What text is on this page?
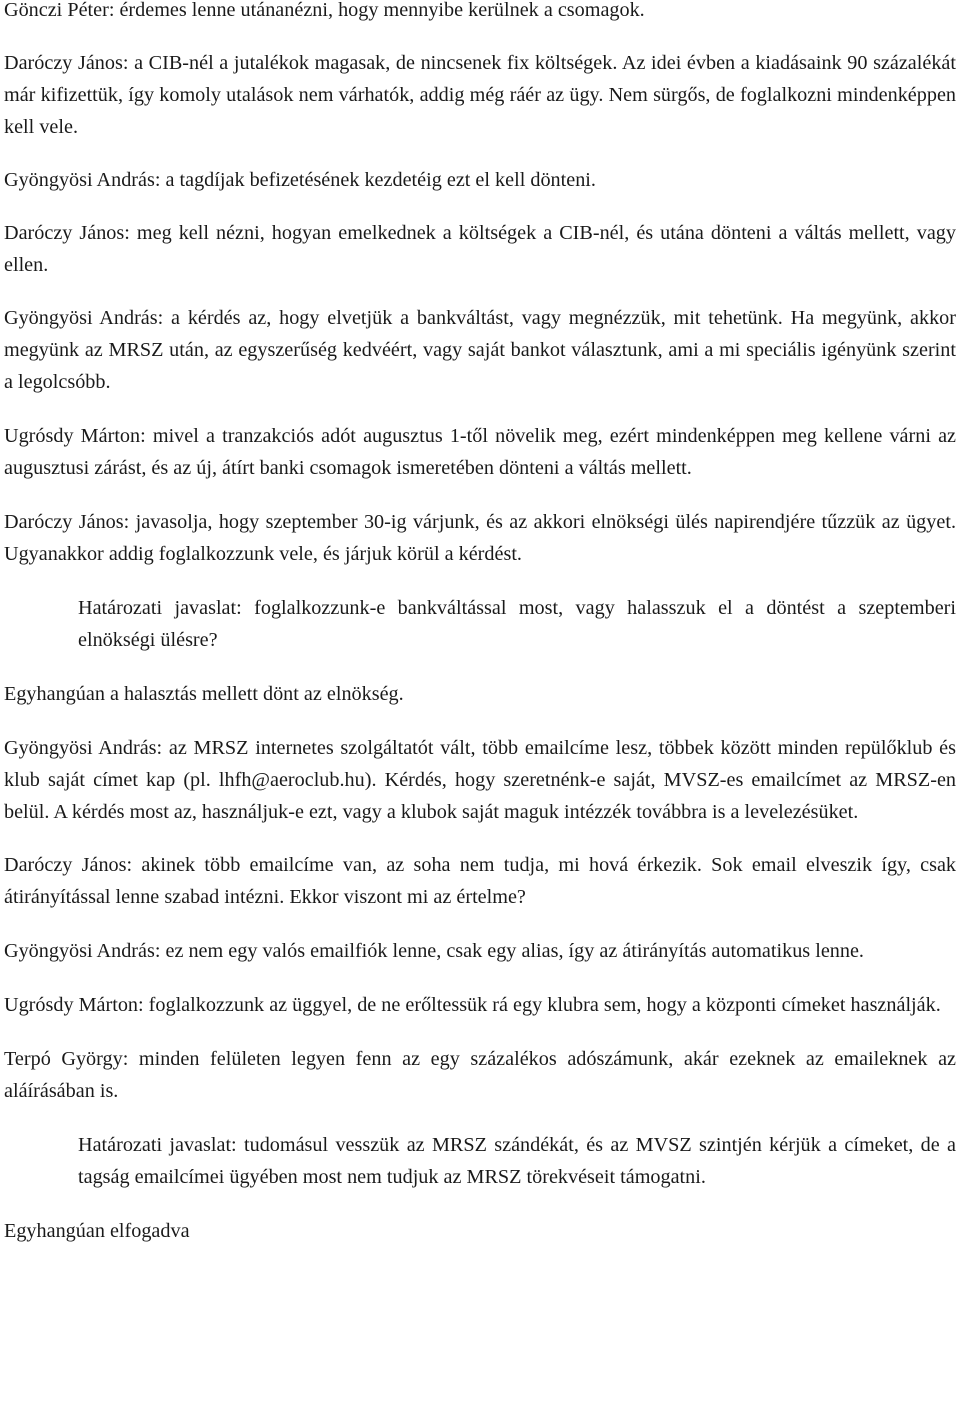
Gönczi Péter: érdemes lenne utánanézni, hogy mennyibe kerülnek a csomagok.

Daróczy János: a CIB-nél a jutalékok magasak, de nincsenek fix költségek. Az idei évben a kiadásaink 90 százalékát már kifizettük, így komoly utalások nem várhatók, addig még ráér az ügy. Nem sürgős, de foglalkozni mindenképpen kell vele.

Gyöngyösi András: a tagdíjak befizetésének kezdetéig ezt el kell dönteni.

Daróczy János: meg kell nézni, hogyan emelkednek a költségek a CIB-nél, és utána dönteni a váltás mellett, vagy ellen.

Gyöngyösi András: a kérdés az, hogy elvetjük a bankváltást, vagy megnézzük, mit tehetünk. Ha megyünk, akkor megyünk az MRSZ után, az egyszerűség kedvéért, vagy saját bankot választunk, ami a mi speciális igényünk szerint a legolcsóbb.

Ugrósdy Márton: mivel a tranzakciós adót augusztus 1-től növelik meg, ezért mindenképpen meg kellene várni az augusztusi zárást, és az új, átírt banki csomagok ismeretében dönteni a váltás mellett.

Daróczy János: javasolja, hogy szeptember 30-ig várjunk, és az akkori elnökségi ülés napirendjére tűzzük az ügyet. Ugyanakkor addig foglalkozzunk vele, és járjuk körül a kérdést.

Határozati javaslat: foglalkozzunk-e bankváltással most, vagy halasszuk el a döntést a szeptemberi elnökségi ülésre?

Egyhangúan a halasztás mellett dönt az elnökség.

Gyöngyösi András: az MRSZ internetes szolgáltatót vált, több emailcíme lesz, többek között minden repülőklub és klub saját címet kap (pl. lhfh@aeroclub.hu). Kérdés, hogy szeretnénk-e saját, MVSZ-es emailcímet az MRSZ-en belül. A kérdés most az, használjuk-e ezt, vagy a klubok saját maguk intézzék továbbra is a levelezésüket.

Daróczy János: akinek több emailcíme van, az soha nem tudja, mi hová érkezik. Sok email elveszik így, csak átirányítással lenne szabad intézni. Ekkor viszont mi az értelme?

Gyöngyösi András: ez nem egy valós emailfiók lenne, csak egy alias, így az átirányítás automatikus lenne.

Ugrósdy Márton: foglalkozzunk az üggyel, de ne erőltessük rá egy klubra sem, hogy a központi címeket használják.

Terpó György: minden felületen legyen fenn az egy százalékos adószámunk, akár ezeknek az emaileknek az aláírásában is.

Határozati javaslat: tudomásul vesszük az MRSZ szándékát, és az MVSZ szintjén kérjük a címeket, de a tagság emailcímei ügyében most nem tudjuk az MRSZ törekvéseit támogatni.

Egyhangúan elfogadva
